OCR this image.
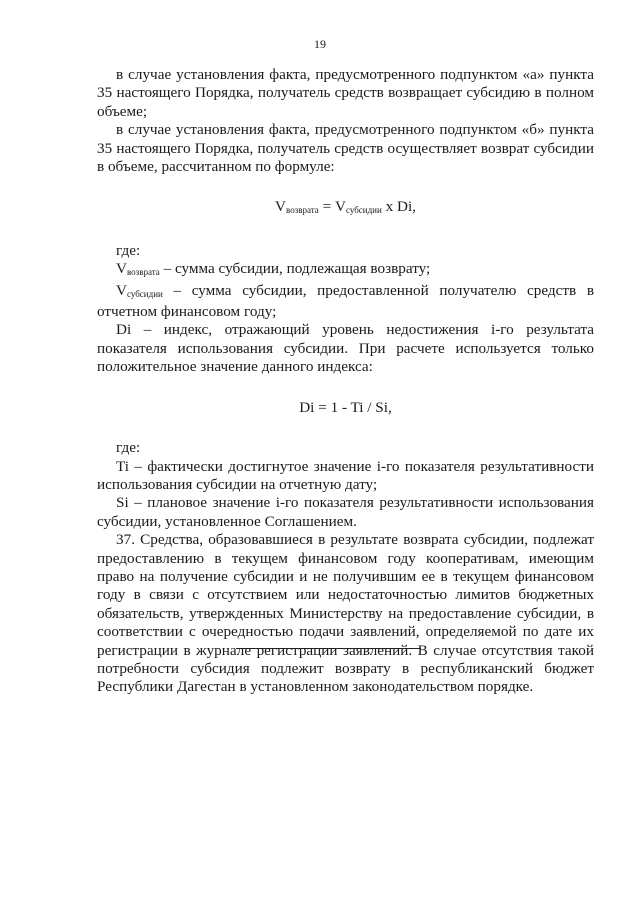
19

в случае установления факта, предусмотренного подпунктом «а» пункта 35 настоящего Порядка, получатель средств возвращает субсидию в полном объеме;

в случае установления факта, предусмотренного подпунктом «б» пункта 35 настоящего Порядка, получатель средств осуществляет возврат субсидии в объеме, рассчитанном по формуле:

$V_{возврата} = V_{субсидии}$ x Di,

где:

$V_{возврата}$ – сумма субсидии, подлежащая возврату;

$V_{субсидии}$ – сумма субсидии, предоставленной получателю средств в отчетном финансовом году;

Di – индекс, отражающий уровень недостижения i-го результата показателя использования субсидии. При расчете используется только положительное значение данного индекса:

Di = 1 - Ti / Si,

где:

Ti – фактически достигнутое значение i-го показателя результативности использования субсидии на отчетную дату;

Si – плановое значение i-го показателя результативности использования субсидии, установленное Соглашением.

37. Средства, образовавшиеся в результате возврата субсидии, подлежат предоставлению в текущем финансовом году кооперативам, имеющим право на получение субсидии и не получившим ее в текущем финансовом году в связи с отсутствием или недостаточностью лимитов бюджетных обязательств, утвержденных Министерству на предоставление субсидии, в соответствии с очередностью подачи заявлений, определяемой по дате их регистрации в журнале регистрации заявлений. В случае отсутствия такой потребности субсидия подлежит возврату в республиканский бюджет Республики Дагестан в установленном законодательством порядке.
